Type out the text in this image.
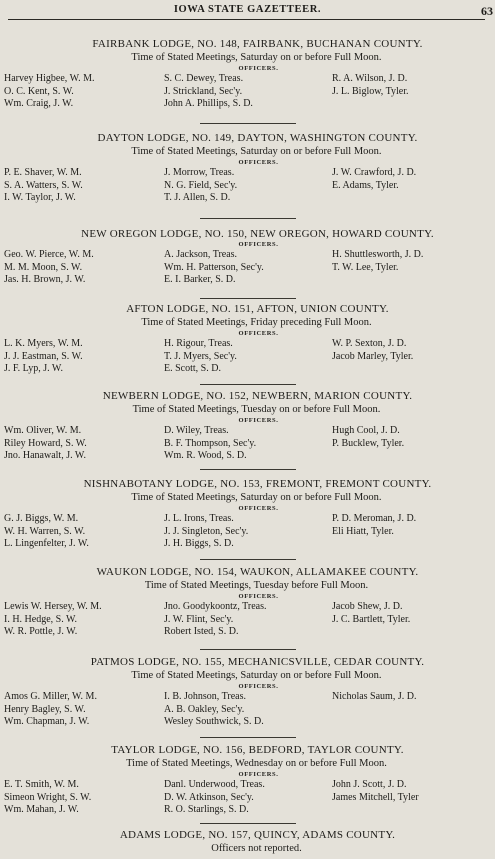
IOWA STATE GAZETTEER.	63
FAIRBANK LODGE, NO. 148, FAIRBANK, BUCHANAN COUNTY.
Time of Stated Meetings, Saturday on or before Full Moon.
OFFICERS.
Harvey Higbee, W. M.
O. C. Kent, S. W.
Wm. Craig, J. W.
S. C. Dewey, Treas.
J. Strickland, Sec'y.
John A. Phillips, S. D.
R. A. Wilson, J. D.
J. L. Biglow, Tyler.
DAYTON LODGE, NO. 149, DAYTON, WASHINGTON COUNTY.
Time of Stated Meetings, Saturday on or before Full Moon.
OFFICERS.
P. E. Shaver, W. M.
S. A. Watters, S. W.
I. W. Taylor, J. W.
J. Morrow, Treas.
N. G. Field, Sec'y.
T. J. Allen, S. D.
J. W. Crawford, J. D.
E. Adams, Tyler.
NEW OREGON LODGE, NO. 150, NEW OREGON, HOWARD COUNTY.
OFFICERS.
Geo. W. Pierce, W. M.
M. M. Moon, S. W.
Jas. H. Brown, J. W.
A. Jackson, Treas.
Wm. H. Patterson, Sec'y.
E. I. Barker, S. D.
H. Shuttlesworth, J. D.
T. W. Lee, Tyler.
AFTON LODGE, NO. 151, AFTON, UNION COUNTY.
Time of Stated Meetings, Friday preceding Full Moon.
OFFICERS.
L. K. Myers, W. M.
J. J. Eastman, S. W.
J. F. Lyp, J. W.
H. Rigour, Treas.
T. J. Myers, Sec'y.
E. Scott, S. D.
W. P. Sexton, J. D.
Jacob Marley, Tyler.
NEWBERN LODGE, NO. 152, NEWBERN, MARION COUNTY.
Time of Stated Meetings, Tuesday on or before Full Moon.
OFFICERS.
Wm. Oliver, W. M.
Riley Howard, S. W.
Jno. Hanawalt, J. W.
D. Wiley, Treas.
B. F. Thompson, Sec'y.
Wm. R. Wood, S. D.
Hugh Cool, J. D.
P. Bucklew, Tyler.
NISHNABOTANY LODGE, NO. 153, FREMONT, FREMONT COUNTY.
Time of Stated Meetings, Saturday on or before Full Moon.
OFFICERS.
G. J. Biggs, W. M.
W. H. Warren, S. W.
L. Lingenfelter, J. W.
J. L. Irons, Treas.
J. J. Singleton, Sec'y.
J. H. Biggs, S. D.
P. D. Meroman, J. D.
Eli Hiatt, Tyler.
WAUKON LODGE, NO. 154, WAUKON, ALLAMAKEE COUNTY.
Time of Stated Meetings, Tuesday before Full Moon.
OFFICERS.
Lewis W. Hersey, W. M.
I. H. Hedge, S. W.
W. R. Pottle, J. W.
Jno. Goodykoontz, Treas.
J. W. Flint, Sec'y.
Robert Isted, S. D.
Jacob Shew, J. D.
J. C. Bartlett, Tyler.
PATMOS LODGE, NO. 155, MECHANICSVILLE, CEDAR COUNTY.
Time of Stated Meetings, Saturday on or before Full Moon.
OFFICERS.
Amos G. Miller, W. M.
Henry Bagley, S. W.
Wm. Chapman, J. W.
I. B. Johnson, Treas.
A. B. Oakley, Sec'y.
Wesley Southwick, S. D.
Nicholas Saum, J. D.
TAYLOR LODGE, NO. 156, BEDFORD, TAYLOR COUNTY.
Time of Stated Meetings, Wednesday on or before Full Moon.
OFFICERS.
E. T. Smith, W. M.
Simeon Wright, S. W.
Wm. Mahan, J. W.
Danl. Underwood, Treas.
D. W. Atkinson, Sec'y.
R. O. Starlings, S. D.
John J. Scott, J. D.
James Mitchell, Tyler
ADAMS LODGE, NO. 157, QUINCY, ADAMS COUNTY.
Officers not reported.
